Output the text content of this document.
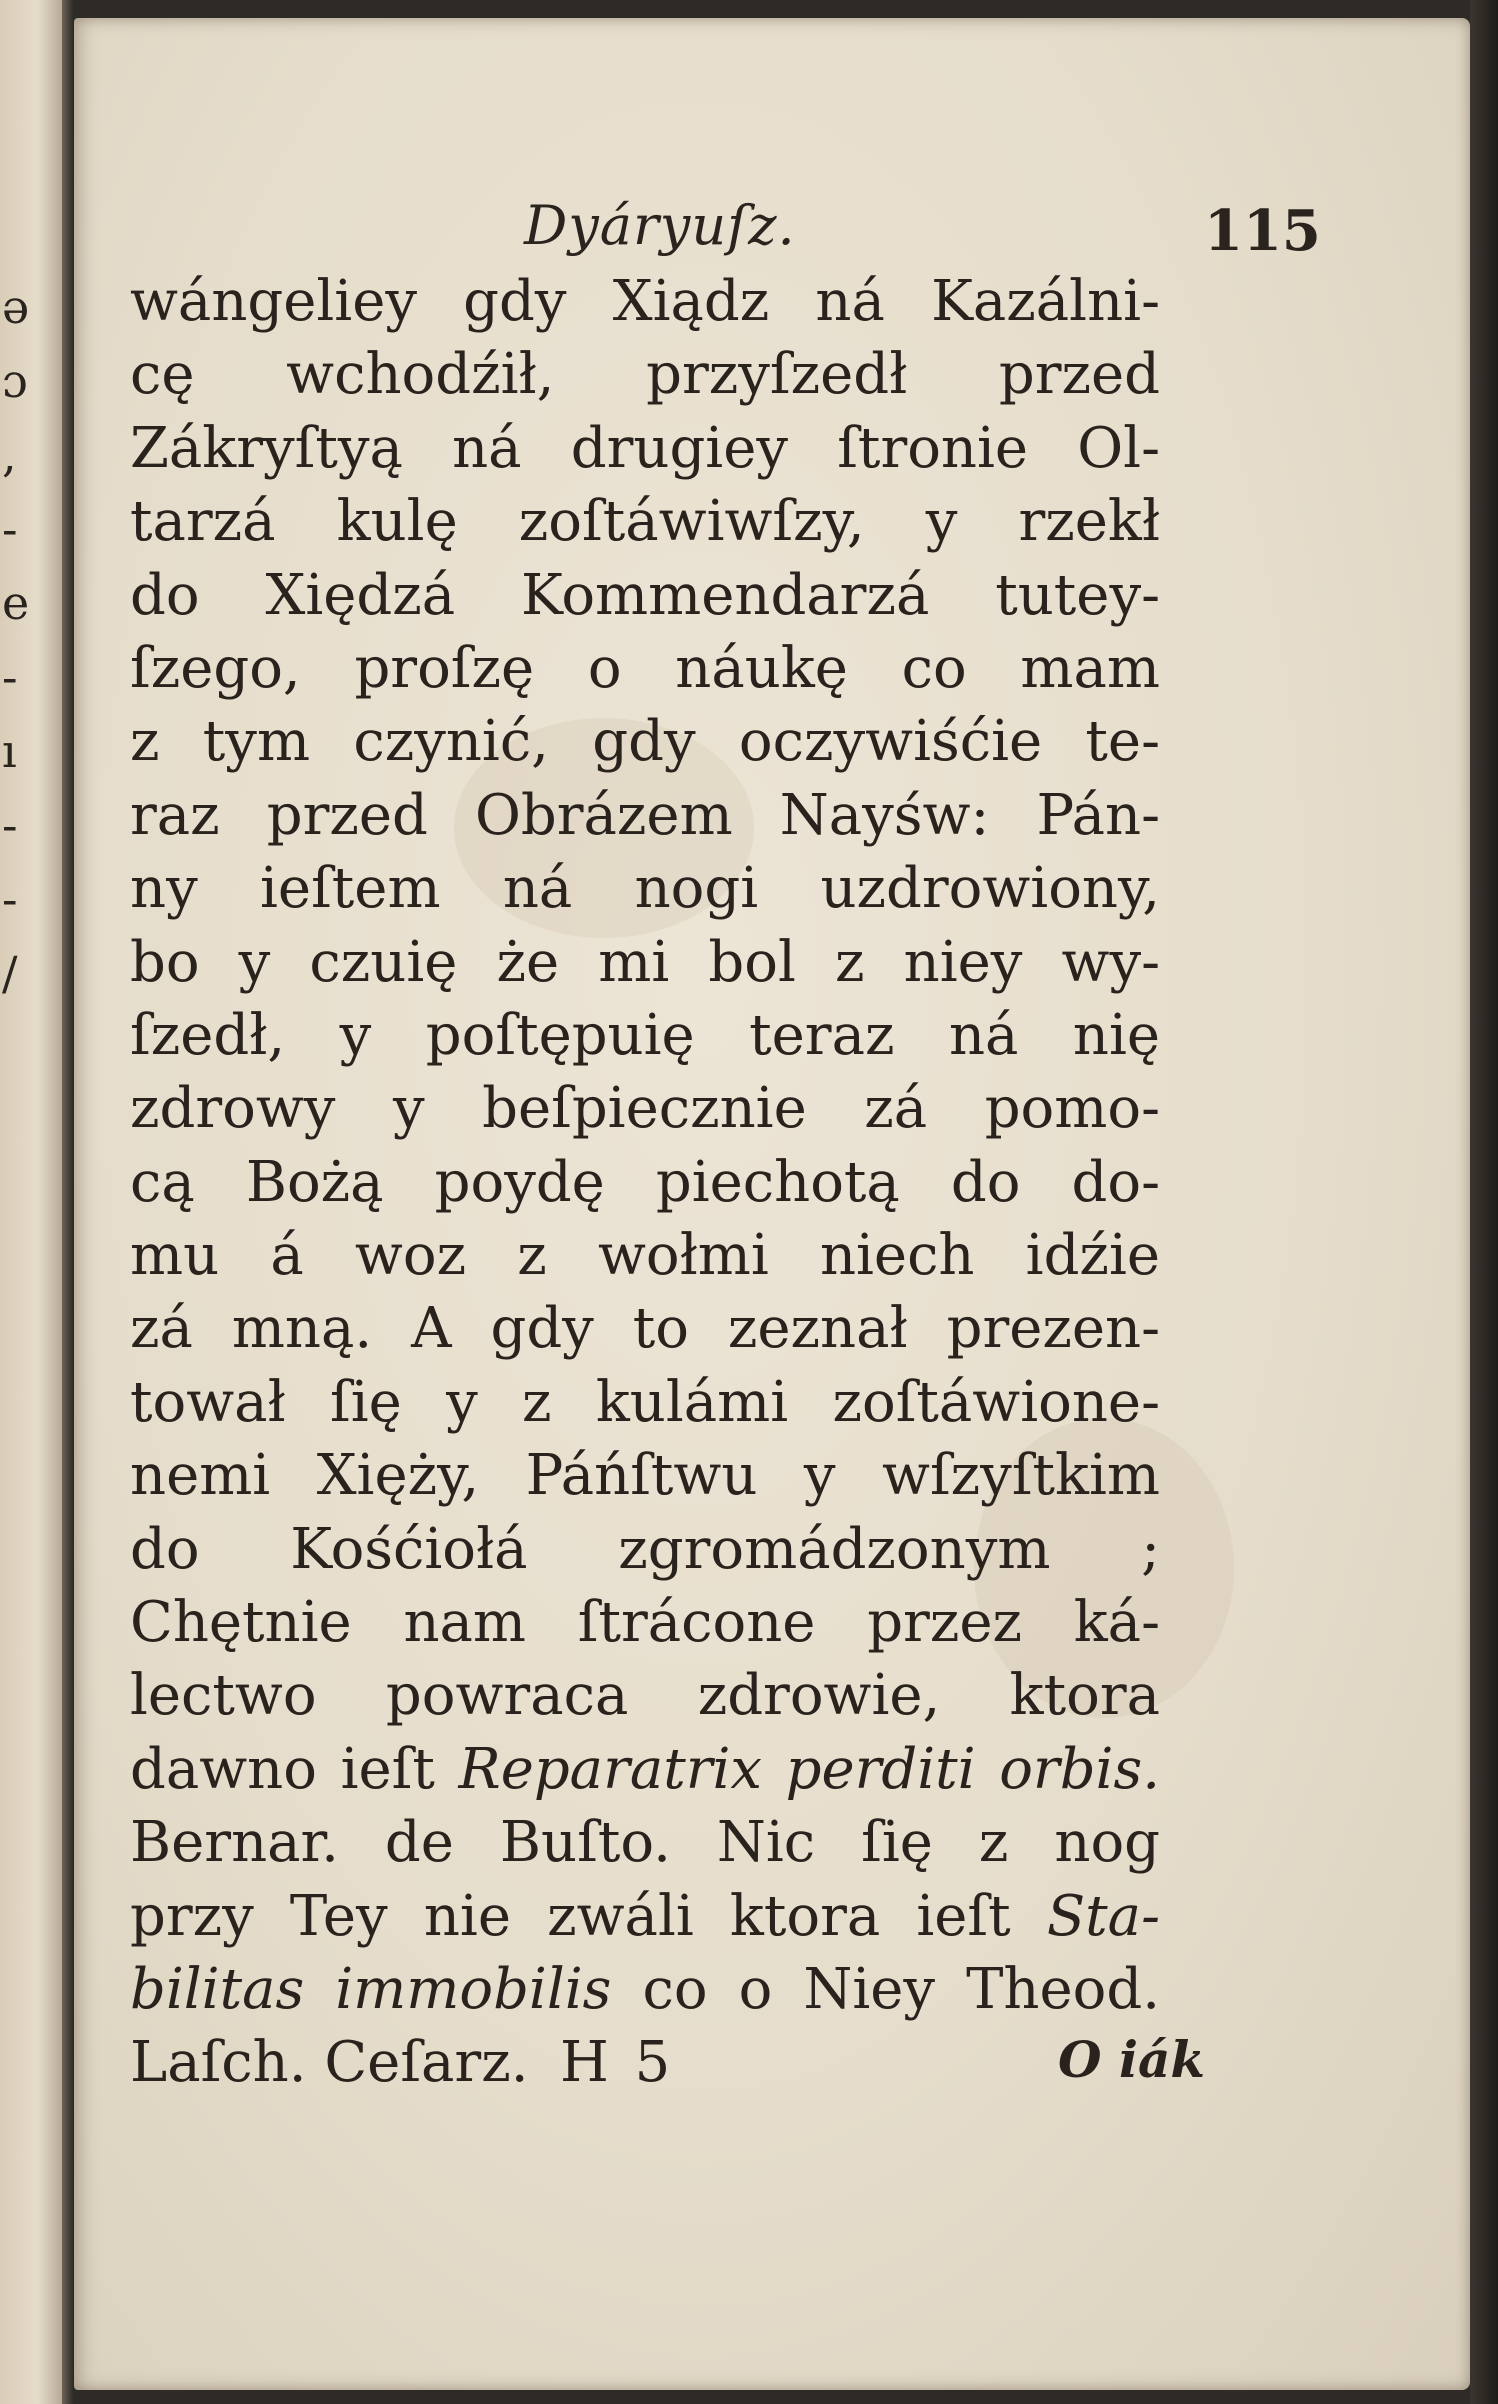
ǝ
ɔ
,
-
e
-
ı
-
-
/
Dyáryuſz.	115
wángeliey gdy Xiądz ná Kazálni-
cę wchodźił, przyſzedł przed
Zákryſtyą ná drugiey ſtronie Ol-
tarzá kulę zoſtáwiwſzy, y rzekł
do Xiędzá Kommendarzá tutey-
ſzego, proſzę o náukę co mam
z tym czynić, gdy oczywiśćie te-
raz przed Obrázem Nayśw: Pán-
ny ieſtem ná nogi uzdrowiony,
bo y czuię że mi bol z niey wy-
ſzedł, y poſtępuię teraz ná nię
zdrowy y beſpiecznie zá pomo-
cą Bożą poydę piechotą do do-
mu á woz z wołmi niech idźie
zá mną. A gdy to zeznał prezen-
tował ſię y z kulámi zoſtáwione-
nemi Xięży, Páńſtwu y wſzyſtkim
do Kośćiołá zgromádzonym ;
Chętnie nam ſtrácone przez ká-
lectwo powraca zdrowie, ktora
dawno ieſt Reparatrix perditi orbis.
Bernar. de Buſto. Nic ſię z nog
przy Tey nie zwáli ktora ieſt Sta-
bilitas immobilis co o Niey Theod.
Laſch. Ceſarz. H 5	O iák
